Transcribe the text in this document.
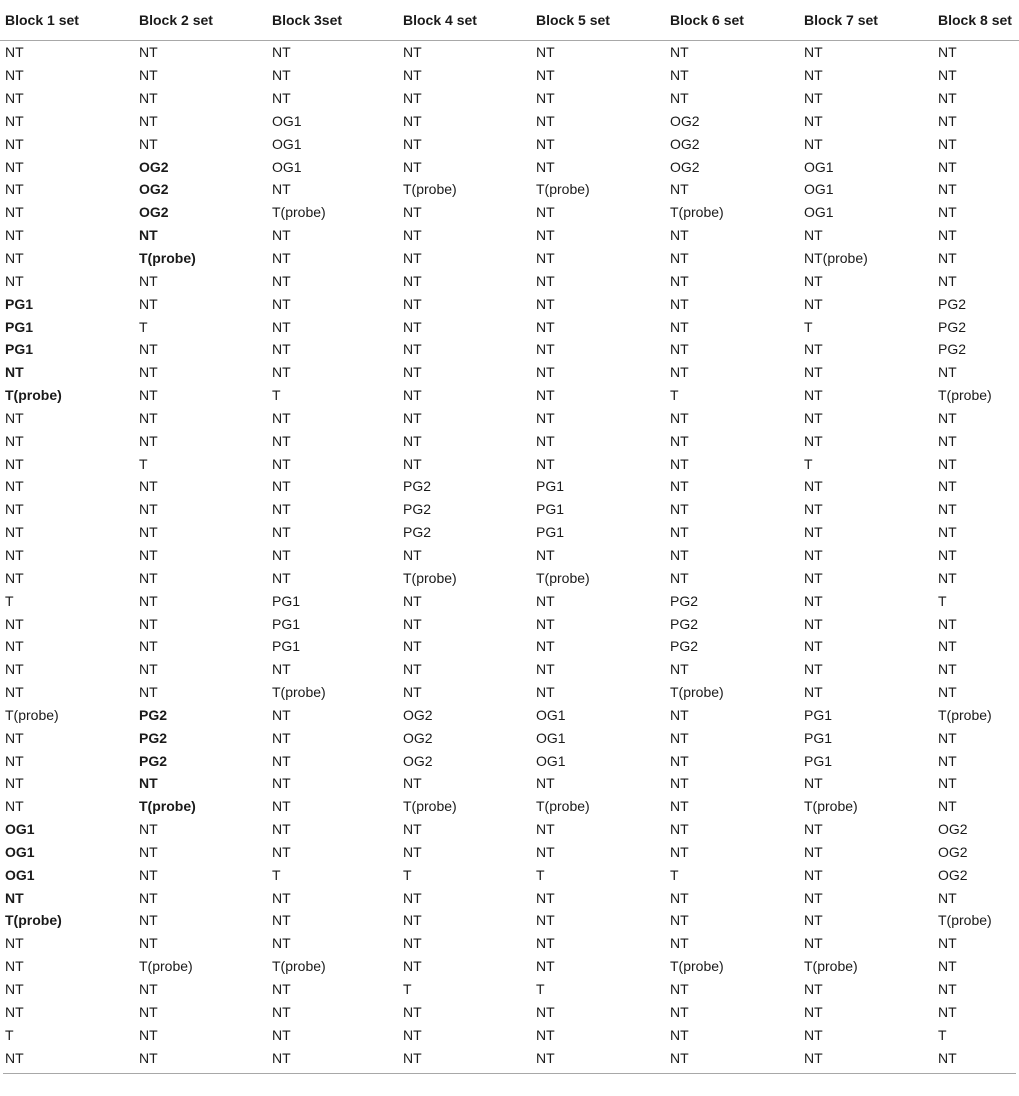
Block 1 set	Block 2 set	Block 3set	Block 4 set	Block 5 set	Block 6 set	Block 7 set	Block 8 set
NT	NT	NT	NT	NT	NT	NT	NT
NT	NT	NT	NT	NT	NT	NT	NT
NT	NT	NT	NT	NT	NT	NT	NT
NT	NT	OG1	NT	NT	OG2	NT	NT
NT	NT	OG1	NT	NT	OG2	NT	NT
NT	OG2	OG1	NT	NT	OG2	OG1	NT
NT	OG2	NT	T(probe)	T(probe)	NT	OG1	NT
NT	OG2	T(probe)	NT	NT	T(probe)	OG1	NT
NT	NT	NT	NT	NT	NT	NT	NT
NT	T(probe)	NT	NT	NT	NT	NT(probe)	NT
NT	NT	NT	NT	NT	NT	NT	NT
PG1	NT	NT	NT	NT	NT	NT	PG2
PG1	T	NT	NT	NT	NT	T	PG2
PG1	NT	NT	NT	NT	NT	NT	PG2
NT	NT	NT	NT	NT	NT	NT	NT
T(probe)	NT	T	NT	NT	T	NT	T(probe)
NT	NT	NT	NT	NT	NT	NT	NT
NT	NT	NT	NT	NT	NT	NT	NT
NT	T	NT	NT	NT	NT	T	NT
NT	NT	NT	PG2	PG1	NT	NT	NT
NT	NT	NT	PG2	PG1	NT	NT	NT
NT	NT	NT	PG2	PG1	NT	NT	NT
NT	NT	NT	NT	NT	NT	NT	NT
NT	NT	NT	T(probe)	T(probe)	NT	NT	NT
T	NT	PG1	NT	NT	PG2	NT	T
NT	NT	PG1	NT	NT	PG2	NT	NT
NT	NT	PG1	NT	NT	PG2	NT	NT
NT	NT	NT	NT	NT	NT	NT	NT
NT	NT	T(probe)	NT	NT	T(probe)	NT	NT
T(probe)	PG2	NT	OG2	OG1	NT	PG1	T(probe)
NT	PG2	NT	OG2	OG1	NT	PG1	NT
NT	PG2	NT	OG2	OG1	NT	PG1	NT
NT	NT	NT	NT	NT	NT	NT	NT
NT	T(probe)	NT	T(probe)	T(probe)	NT	T(probe)	NT
OG1	NT	NT	NT	NT	NT	NT	OG2
OG1	NT	NT	NT	NT	NT	NT	OG2
OG1	NT	T	T	T	T	NT	OG2
NT	NT	NT	NT	NT	NT	NT	NT
T(probe)	NT	NT	NT	NT	NT	NT	T(probe)
NT	NT	NT	NT	NT	NT	NT	NT
NT	T(probe)	T(probe)	NT	NT	T(probe)	T(probe)	NT
NT	NT	NT	T	T	NT	NT	NT
NT	NT	NT	NT	NT	NT	NT	NT
T	NT	NT	NT	NT	NT	NT	T
NT	NT	NT	NT	NT	NT	NT	NT
